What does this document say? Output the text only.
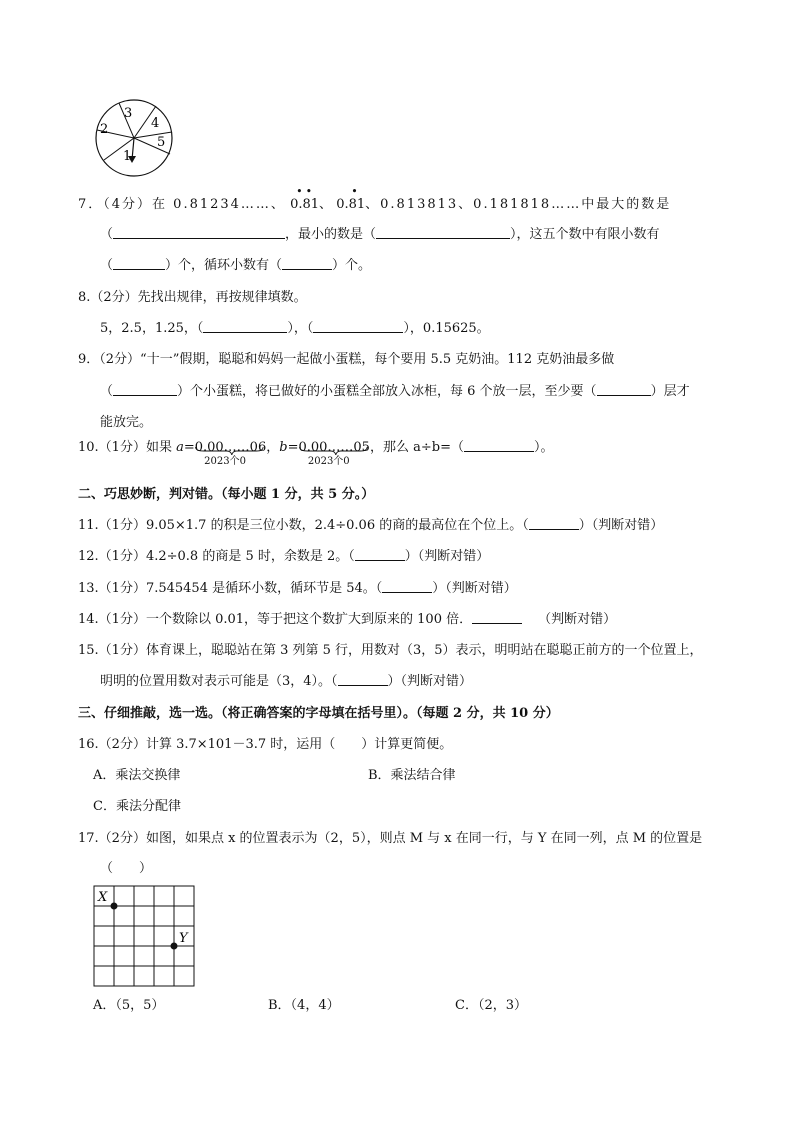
3
4
2
5
1
7．（4分）在 0.81234……、
••
0.81、
•
0.81、0.813813、0.181818……中最大的数是
（	，最小的数是（	），这五个数中有限小数有
（	）个，循环小数有（	）个。
8.（2分）先找出规律，再按规律填数。
5，2.5，1.25，（	），（	），0.15625。
9．（2分）“十一”假期，聪聪和妈妈一起做小蛋糕，每个要用 5.5 克奶油。112 克奶油最多做
（	）个小蛋糕，将已做好的小蛋糕全部放入冰柜，每 6 个放一层，至少要（	）层才
能放完。
10.（1分）如果 a=0.00……06
2023个0
，b=0.00……05
2023个0
，那么 a÷b=（	）。
二、巧思妙断，判对错。（每小题 1 分，共 5 分。）
11.（1分）9.05×1.7 的积是三位小数，2.4÷0.06 的商的最高位在个位上。（	）（判断对错）
12.（1分）4.2÷0.8 的商是 5 时，余数是 2。（	）（判断对错）
13.（1分）7.545454 是循环小数，循环节是 54。（	）（判断对错）
14.（1分）一个数除以 0.01，等于把这个数扩大到原来的 100 倍．	（判断对错）
15.（1分）体育课上，聪聪站在第 3 列第 5 行，用数对（3，5）表示，明明站在聪聪正前方的一个位置上，
明明的位置用数对表示可能是（3，4）。（	）（判断对错）
三、仔细推敲，选一选。（将正确答案的字母填在括号里）。（每题 2 分，共 10 分）
16.（2分）计算 3.7×101－3.7 时，运用（　　）计算更简便。
A．乘法交换律	B．乘法结合律
C．乘法分配律
17.（2分）如图，如果点 x 的位置表示为（2，5），则点 M 与 x 在同一行，与 Y 在同一列，点 M 的位置是
（　　）
X
Y
A．（5，5）	B．（4，4）	C．（2，3）
